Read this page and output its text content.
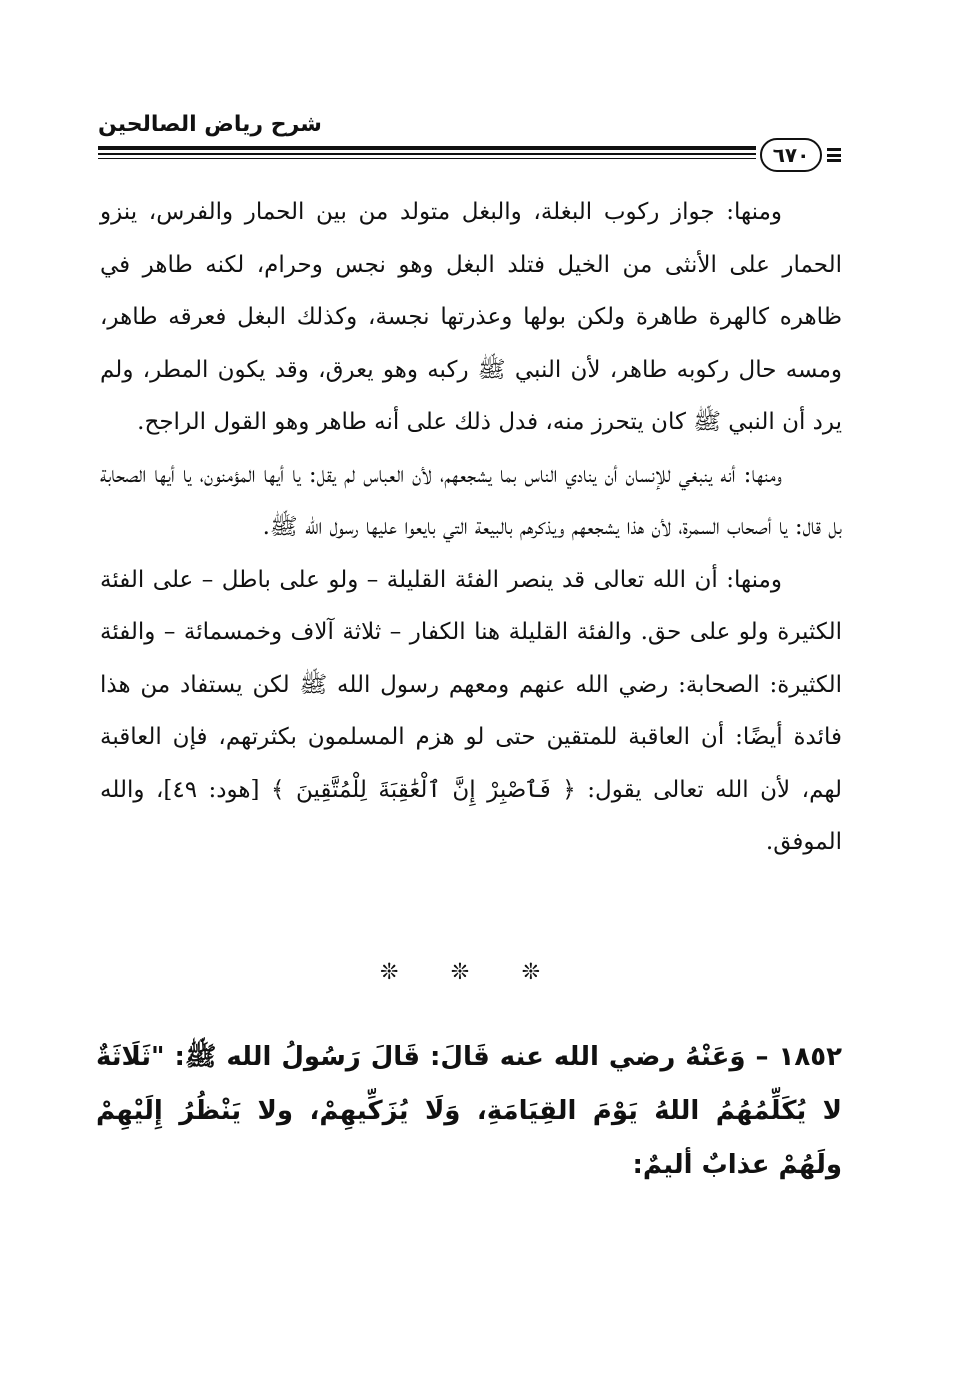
شرح رياض الصالحين
٦٧٠

ومنها: جواز ركوب البغلة، والبغل متولد من بين الحمار والفرس، ينزو الحمار على الأنثى من الخيل فتلد البغل وهو نجس وحرام، لكنه طاهر في ظاهره كالهرة طاهرة ولكن بولها وعذرتها نجسة، وكذلك البغل فعرقه طاهر، ومسه حال ركوبه طاهر، لأن النبي ﷺ ركبه وهو يعرق، وقد يكون المطر، ولم يرد أن النبي ﷺ كان يتحرز منه، فدل ذلك على أنه طاهر وهو القول الراجح.

ومنها: أنه ينبغي للإنسان أن ينادي الناس بما يشجعهم، لأن العباس لم يقل: يا أيها المؤمنون، يا أيها الصحابة بل قال: يا أصحاب السمرة، لأن هذا يشجعهم ويذكرهم بالبيعة التي بايعوا عليها رسول الله ﷺ.

ومنها: أن الله تعالى قد ينصر الفئة القليلة – ولو على باطل – على الفئة الكثيرة ولو على حق. والفئة القليلة هنا الكفار – ثلاثة آلاف وخمسمائة – والفئة الكثيرة: الصحابة: رضي الله عنهم ومعهم رسول الله ﷺ لكن يستفاد من هذا فائدة أيضًا: أن العاقبة للمتقين حتى لو هزم المسلمون بكثرتهم، فإن العاقبة لهم، لأن الله تعالى يقول: ﴿ فَٱصْبِرْ إِنَّ ٱلْعَٰقِبَةَ لِلْمُتَّقِينَ ﴾ [هود: ٤٩]، والله الموفق.

❊ ❊ ❊
١٨٥٢ – وَعَنْهُ رضي الله عنه قَالَ: قَالَ رَسُولُ الله ﷺ: "ثَلَاثَةٌ لا يُكَلِّمُهُمُ اللهُ يَوْمَ القِيَامَةِ، وَلَا يُزَكِّيهِمْ، ولا يَنْظُرُ إِلَيْهِمْ ولَهُمْ عذابٌ أليمٌ:
